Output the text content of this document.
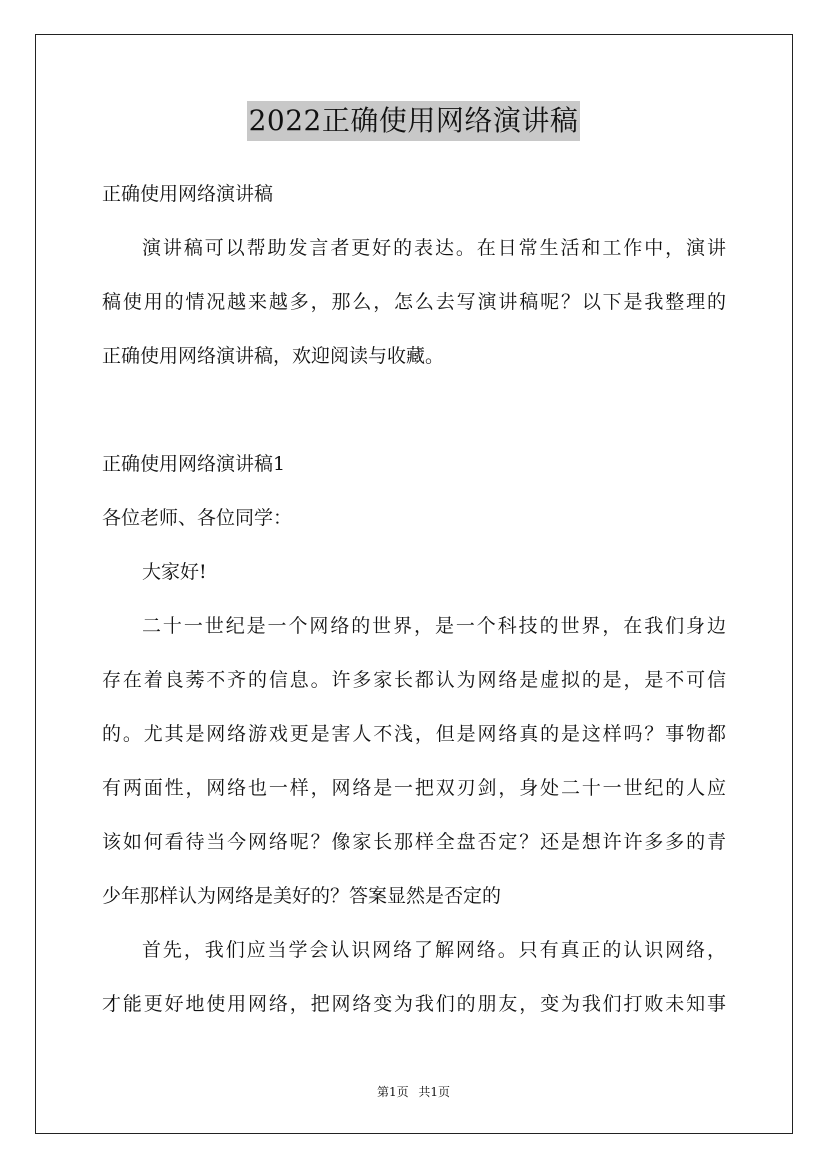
2022正确使用网络演讲稿
正确使用网络演讲稿
演讲稿可以帮助发言者更好的表达。在日常生活和工作中，演讲
稿使用的情况越来越多，那么，怎么去写演讲稿呢？以下是我整理的
正确使用网络演讲稿，欢迎阅读与收藏。
正确使用网络演讲稿1
各位老师、各位同学：
大家好!
二十一世纪是一个网络的世界，是一个科技的世界，在我们身边
存在着良莠不齐的信息。许多家长都认为网络是虚拟的是，是不可信
的。尤其是网络游戏更是害人不浅，但是网络真的是这样吗？事物都
有两面性，网络也一样，网络是一把双刃剑，身处二十一世纪的人应
该如何看待当今网络呢？像家长那样全盘否定？还是想许许多多的青
少年那样认为网络是美好的？答案显然是否定的
首先，我们应当学会认识网络了解网络。只有真正的认识网络，
才能更好地使用网络，把网络变为我们的朋友，变为我们打败未知事
第1页 共1页
